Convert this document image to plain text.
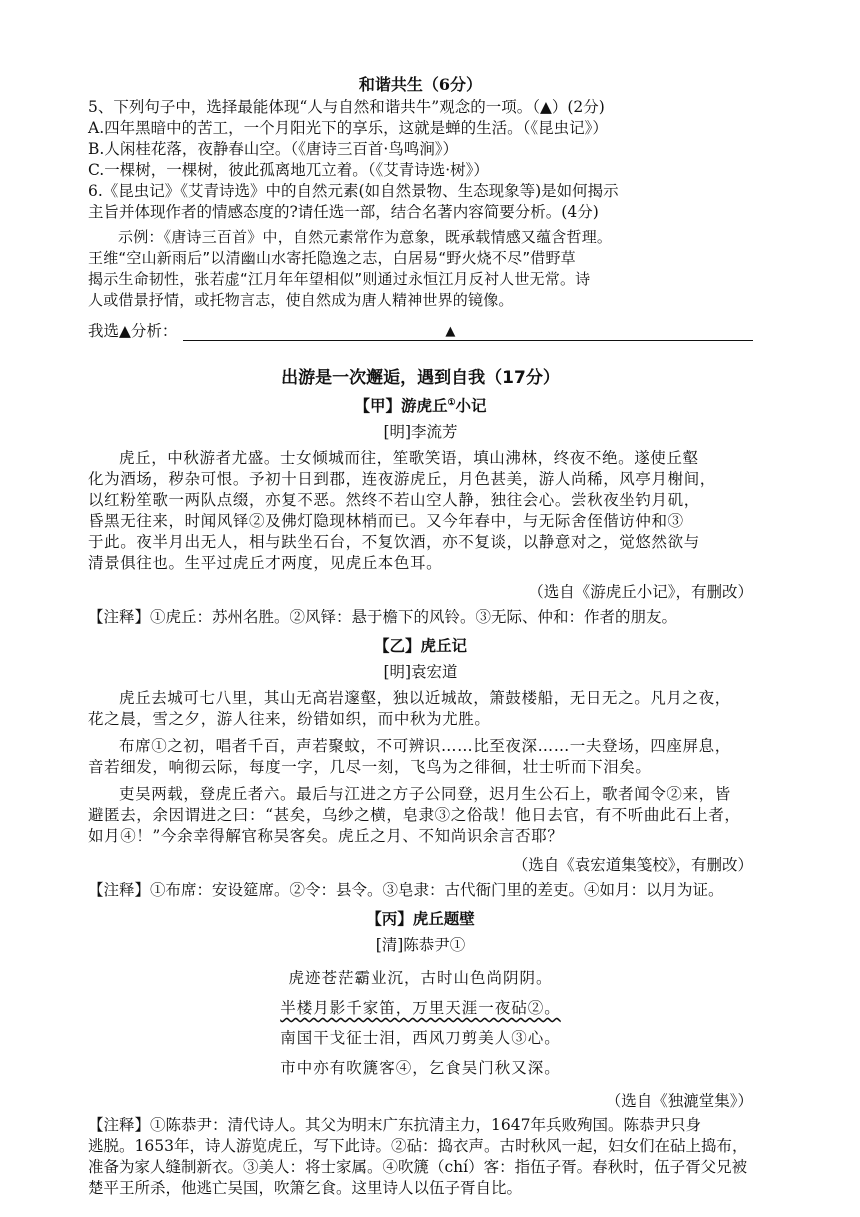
和谐共生（6分）
5、下列句子中，选择最能体现“人与自然和谐共牛”观念的一项。（▲）(2分)
A.四年黑暗中的苦工，一个月阳光下的享乐，这就是蝉的生活。（《昆虫记》）
B.人闲桂花落，夜静春山空。（《唐诗三百首·鸟鸣涧》）
C.一棵树，一棵树，彼此孤离地兀立着。（《艾青诗选·树》）
6.《昆虫记》《艾青诗选》中的自然元素(如自然景物、生态现象等)是如何揭示
主旨并体现作者的情感态度的?请任选一部，结合名著内容简要分析。(4分)
示例：《唐诗三百首》中，自然元素常作为意象，既承载情感又蕴含哲理。
王维“空山新雨后”以清幽山水寄托隐逸之志，白居易“野火烧不尽”借野草
揭示生命韧性，张若虚“江月年年望相似”则通过永恒江月反衬人世无常。诗
人或借景抒情，或托物言志，使自然成为唐人精神世界的镜像。
我选▲分析：	▲
出游是一次邂逅，遇到自我（17分）
【甲】游虎丘①小记
[明]李流芳
虎丘，中秋游者尤盛。士女倾城而往，笙歌笑语，填山沸林，终夜不绝。遂使丘壑
化为酒场，秽杂可恨。予初十日到郡，连夜游虎丘，月色甚美，游人尚稀，风亭月榭间，
以红粉笙歌一两队点缀，亦复不恶。然终不若山空人静，独往会心。尝秋夜坐钓月矶，
昏黑无往来，时闻风铎②及佛灯隐现林梢而已。又今年春中，与无际舍侄偕访仲和③
于此。夜半月出无人，相与趺坐石台，不复饮酒，亦不复谈，以静意对之，觉悠然欲与
清景俱往也。生平过虎丘才两度，见虎丘本色耳。
（选自《游虎丘小记》，有删改）
【注释】①虎丘：苏州名胜。②风铎：悬于檐下的风铃。③无际、仲和：作者的朋友。
【乙】虎丘记
[明]袁宏道
虎丘去城可七八里，其山无高岩邃壑，独以近城故，箫鼓楼船，无日无之。凡月之夜，
花之晨，雪之夕，游人往来，纷错如织，而中秋为尤胜。
布席①之初，唱者千百，声若聚蚊，不可辨识……比至夜深……一夫登场，四座屏息，
音若细发，响彻云际，每度一字，几尽一刻，飞鸟为之徘徊，壮士听而下泪矣。
吏吴两载，登虎丘者六。最后与江进之方子公同登，迟月生公石上，歌者闻令②来，皆
避匿去，余因谓进之曰：“甚矣，乌纱之横，皂隶③之俗哉！他日去官，有不听曲此石上者，
如月④！”今余幸得解官称吴客矣。虎丘之月、不知尚识余言否耶？
（选自《袁宏道集笺校》，有删改）
【注释】①布席：安设筵席。②令：县令。③皂隶：古代衙门里的差吏。④如月：以月为证。
【丙】虎丘题壁
[清]陈恭尹①
虎迹苍茫霸业沉，古时山色尚阴阴。
半楼月影千家笛，万里天涯一夜砧②。
南国干戈征士泪，西风刀剪美人③心。
市中亦有吹篪客④，乞食吴门秋又深。
（选自《独漉堂集》）
【注释】①陈恭尹：清代诗人。其父为明末广东抗清主力，1647年兵败殉国。陈恭尹只身
逃脱。1653年，诗人游览虎丘，写下此诗。②砧：捣衣声。古时秋风一起，妇女们在砧上捣布，
准备为家人缝制新衣。③美人：将士家属。④吹篪（chí）客：指伍子胥。春秋时，伍子胥父兄被
楚平王所杀，他逃亡吴国，吹箫乞食。这里诗人以伍子胥自比。
